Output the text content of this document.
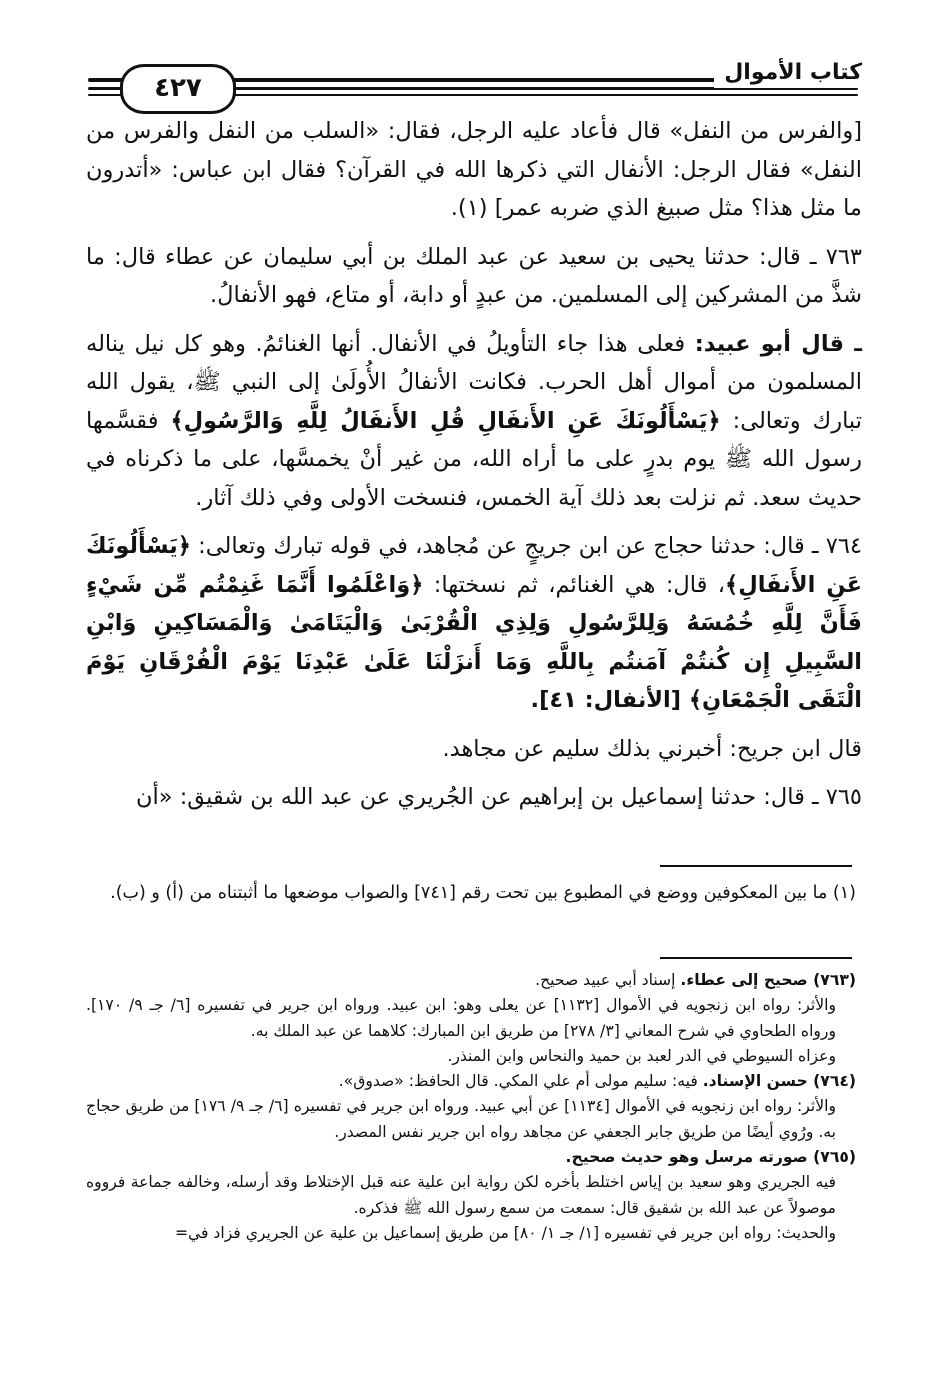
٤٢٧
كتاب الأموال

[والفرس من النفل» قال فأعاد عليه الرجل، فقال: «السلب من النفل والفرس من النفل» فقال الرجل: الأنفال التي ذكرها الله في القرآن؟ فقال ابن عباس: «أتدرون ما مثل هذا؟ مثل صبيغ الذي ضربه عمر] (١).

٧٦٣ ـ قال: حدثنا يحيى بن سعيد عن عبد الملك بن أبي سليمان عن عطاء قال: ما شذَّ من المشركين إلى المسلمين. من عبدٍ أو دابة، أو متاع، فهو الأنفالُ.

ـ قال أبو عبيد: فعلى هذا جاء التأويلُ في الأنفال. أنها الغنائمُ. وهو كل نيل يناله المسلمون من أموال أهل الحرب. فكانت الأنفالُ الأُولَىٰ إلى النبي ﷺ، يقول الله تبارك وتعالى: ﴿يَسْأَلُونَكَ عَنِ الأَنفَالِ قُلِ الأَنفَالُ لِلَّهِ وَالرَّسُولِ﴾ فقسَّمها رسول الله ﷺ يوم بدرٍ على ما أراه الله، من غير أنْ يخمسَّها، على ما ذكرناه في حديث سعد. ثم نزلت بعد ذلك آية الخمس، فنسخت الأولى وفي ذلك آثار.

٧٦٤ ـ قال: حدثنا حجاج عن ابن جريجٍ عن مُجاهد، في قوله تبارك وتعالى: ﴿يَسْأَلُونَكَ عَنِ الأَنفَالِ﴾، قال: هي الغنائم، ثم نسختها: ﴿وَاعْلَمُوا أَنَّمَا غَنِمْتُم مِّن شَيْءٍ فَأَنَّ لِلَّهِ خُمُسَهُ وَلِلرَّسُولِ وَلِذِي الْقُرْبَىٰ وَالْيَتَامَىٰ وَالْمَسَاكِينِ وَابْنِ السَّبِيلِ إِن كُنتُمْ آمَنتُم بِاللَّهِ وَمَا أَنزَلْنَا عَلَىٰ عَبْدِنَا يَوْمَ الْفُرْقَانِ يَوْمَ الْتَقَى الْجَمْعَانِ﴾ [الأنفال: ٤١].

قال ابن جريح: أخبرني بذلك سليم عن مجاهد.

٧٦٥ ـ قال: حدثنا إسماعيل بن إبراهيم عن الجُريري عن عبد الله بن شقيق: «أن

(١) ما بين المعكوفين ووضع في المطبوع بين تحت رقم [٧٤١] والصواب موضعها ما أثبتناه من (أ) و (ب).

(٧٦٣) صحيح إلى عطاء. إسناد أبي عبيد صحيح.

والأثر: رواه ابن زنجويه في الأموال [١١٣٢] عن يعلى وهو: ابن عبيد. ورواه ابن جرير في تفسيره [٦/ جـ ٩/ ١٧٠]. ورواه الطحاوي في شرح المعاني [٣/ ٢٧٨] من طريق ابن المبارك: كلاهما عن عبد الملك به.

وعزاه السيوطي في الدر لعبد بن حميد والنحاس وابن المنذر.

(٧٦٤) حسن الإسناد. فيه: سليم مولى أم علي المكي. قال الحافظ: «صدوق».

والأثر: رواه ابن زنجويه في الأموال [١١٣٤] عن أبي عبيد. ورواه ابن جرير في تفسيره [٦/ جـ ٩/ ١٧٦] من طريق حجاج به. ورُوي أيضًا من طريق جابر الجعفي عن مجاهد رواه ابن جرير نفس المصدر.

(٧٦٥) صورته مرسل وهو حديث صحيح.

فيه الجريري وهو سعيد بن إياس اختلط بأخره لكن رواية ابن علية عنه قبل الإختلاط وقد أرسله، وخالفه جماعة فرووه موصولاً عن عبد الله بن شقيق قال: سمعت من سمع رسول الله ﷺ فذكره.

والحديث: رواه ابن جرير في تفسيره [١/ جـ ١/ ٨٠] من طريق إسماعيل بن علية عن الجريري فزاد في=
